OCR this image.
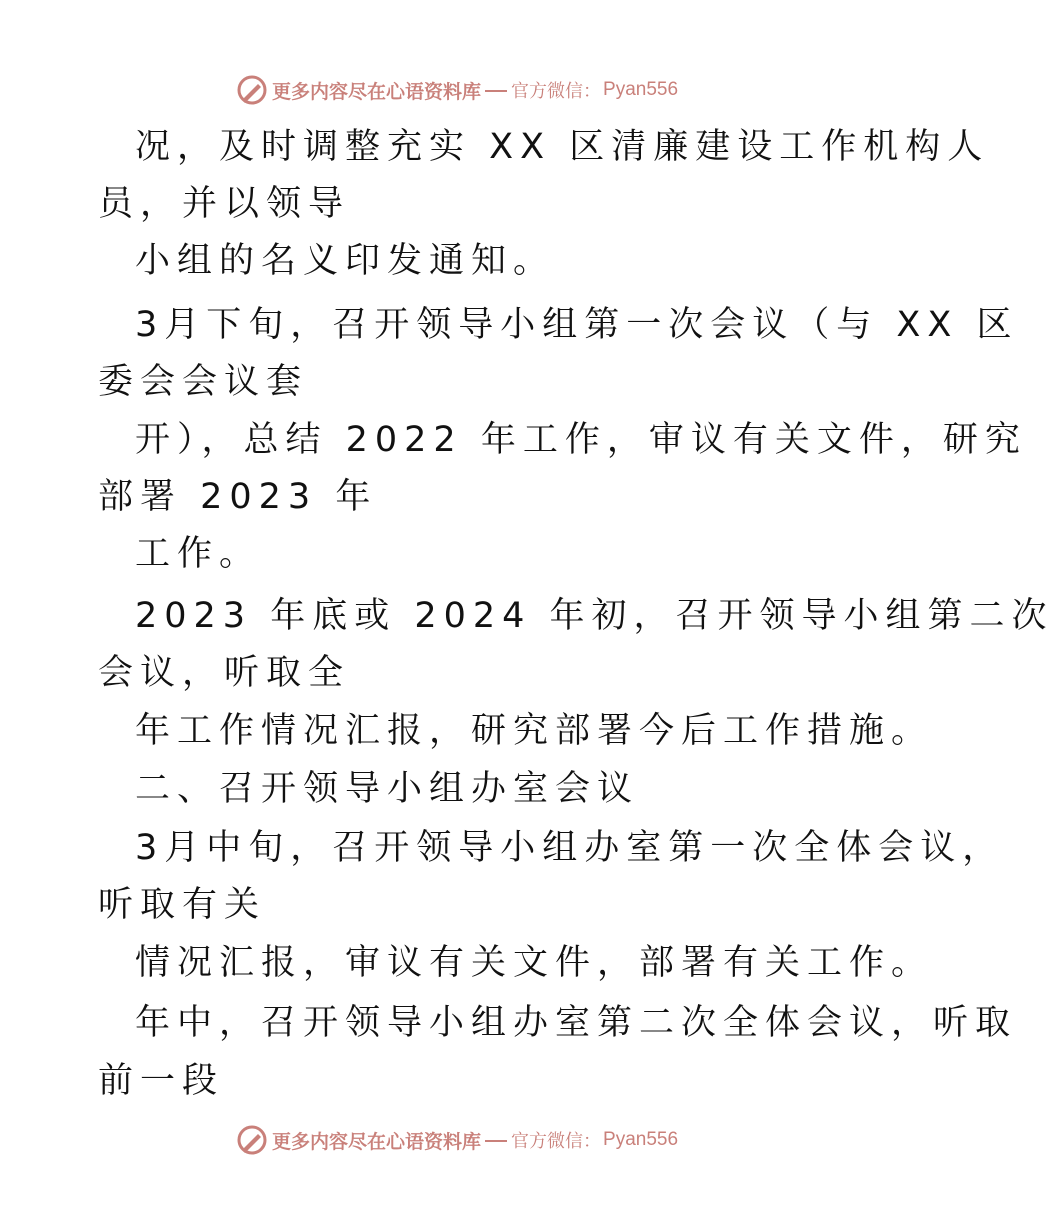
更多内容尽在心语资料库 官方微信： Pyan556
况，及时调整充实 XX 区清廉建设工作机构人
员，并以领导
小组的名义印发通知。
3月下旬，召开领导小组第一次会议（与 XX 区
委会会议套
开），总结 2022 年工作，审议有关文件，研究
部署 2023 年
工作。
2023 年底或 2024 年初，召开领导小组第二次
会议，听取全
年工作情况汇报，研究部署今后工作措施。
二、召开领导小组办室会议
3月中旬，召开领导小组办室第一次全体会议，
听取有关
情况汇报，审议有关文件，部署有关工作。
年中，召开领导小组办室第二次全体会议，听取
前一段
更多内容尽在心语资料库 官方微信： Pyan556
